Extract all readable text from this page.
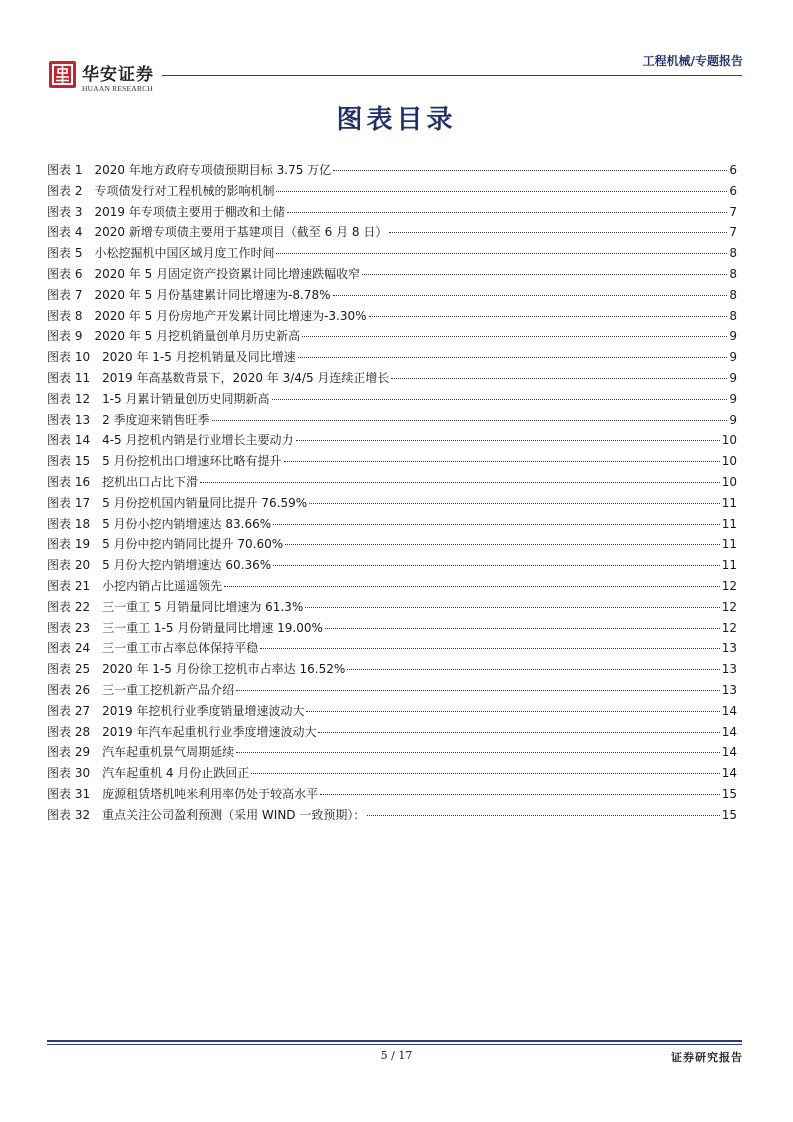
华安证券
HUAAN RESEARCH
工程机械/专题报告
图表目录
图表 1 2020 年地方政府专项债预期目标 3.75 万亿	6
图表 2 专项债发行对工程机械的影响机制	6
图表 3 2019 年专项债主要用于棚改和土储	7
图表 4 2020 新增专项债主要用于基建项目（截至 6 月 8 日）	7
图表 5 小松挖掘机中国区域月度工作时间	8
图表 6 2020 年 5 月固定资产投资累计同比增速跌幅收窄	8
图表 7 2020 年 5 月份基建累计同比增速为-8.78%	8
图表 8 2020 年 5 月份房地产开发累计同比增速为-3.30%	8
图表 9 2020 年 5 月挖机销量创单月历史新高	9
图表 10 2020 年 1-5 月挖机销量及同比增速	9
图表 11 2019 年高基数背景下，2020 年 3/4/5 月连续正增长	9
图表 12 1-5 月累计销量创历史同期新高	9
图表 13 2 季度迎来销售旺季	9
图表 14 4-5 月挖机内销是行业增长主要动力	10
图表 15 5 月份挖机出口增速环比略有提升	10
图表 16 挖机出口占比下滑	10
图表 17 5 月份挖机国内销量同比提升 76.59%	11
图表 18 5 月份小挖内销增速达 83.66%	11
图表 19 5 月份中挖内销同比提升 70.60%	11
图表 20 5 月份大挖内销增速达 60.36%	11
图表 21 小挖内销占比遥遥领先	12
图表 22 三一重工 5 月销量同比增速为 61.3%	12
图表 23 三一重工 1-5 月份销量同比增速 19.00%	12
图表 24 三一重工市占率总体保持平稳	13
图表 25 2020 年 1-5 月份徐工挖机市占率达 16.52%	13
图表 26 三一重工挖机新产品介绍	13
图表 27 2019 年挖机行业季度销量增速波动大	14
图表 28 2019 年汽车起重机行业季度增速波动大	14
图表 29 汽车起重机景气周期延续	14
图表 30 汽车起重机 4 月份止跌回正	14
图表 31 庞源租赁塔机吨米利用率仍处于较高水平	15
图表 32 重点关注公司盈利预测（采用 WIND 一致预期）：	15
5 / 17	证券研究报告
